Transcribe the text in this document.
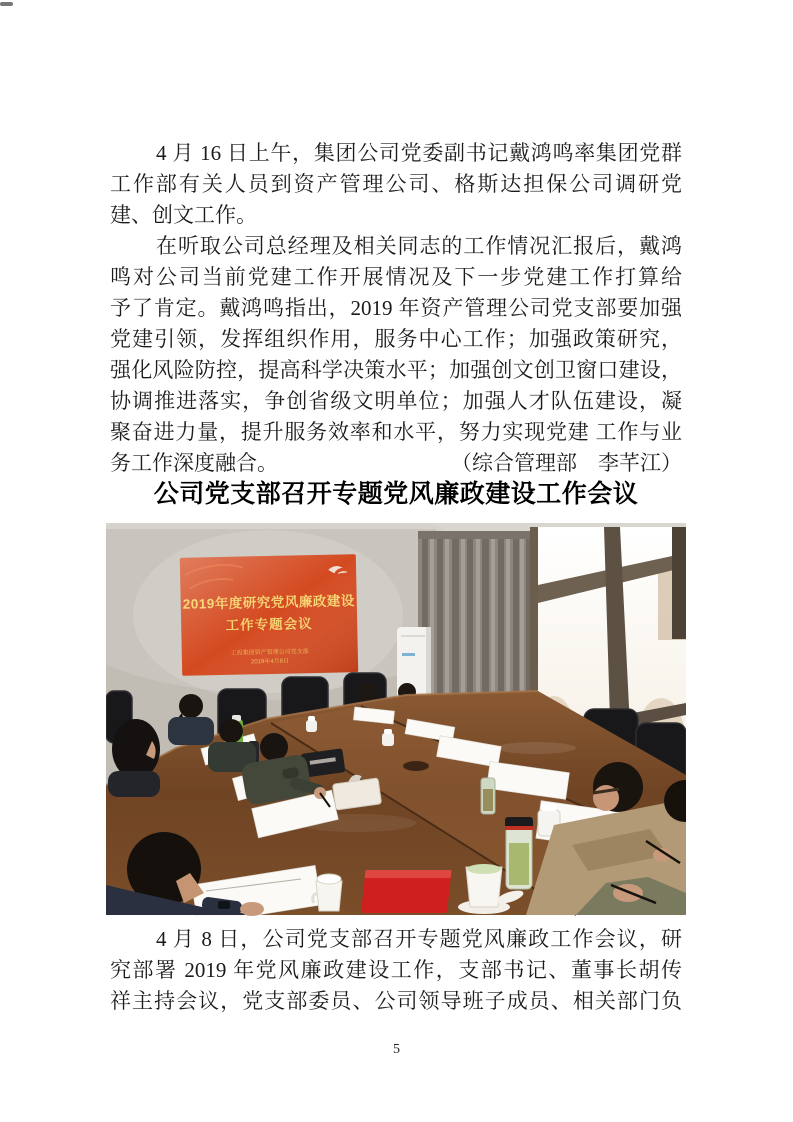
4 月 16 日上午，集团公司党委副书记戴鸿鸣率集团党群
工作部有关人员到资产管理公司、格斯达担保公司调研党
建、创文工作。
在听取公司总经理及相关同志的工作情况汇报后，戴鸿
鸣对公司当前党建工作开展情况及下一步党建工作打算给
予了肯定。戴鸿鸣指出，2019 年资产管理公司党支部要加强
党建引领，发挥组织作用，服务中心工作；加强政策研究，
强化风险防控，提高科学决策水平；加强创文创卫窗口建设，
协调推进落实，争创省级文明单位；加强人才队伍建设，凝
聚奋进力量，提升服务效率和水平，努力实现党建 工作与业
务工作深度融合。	（综合管理部　李芊江）
公司党支部召开专题党风廉政建设工作会议
2019年度研究党风廉政建设
工作专题会议
工投集团资产管理公司党支部
2019年4月8日
4 月 8 日，公司党支部召开专题党风廉政工作会议，研
究部署 2019 年党风廉政建设工作，支部书记、董事长胡传
祥主持会议，党支部委员、公司领导班子成员、相关部门负
5
